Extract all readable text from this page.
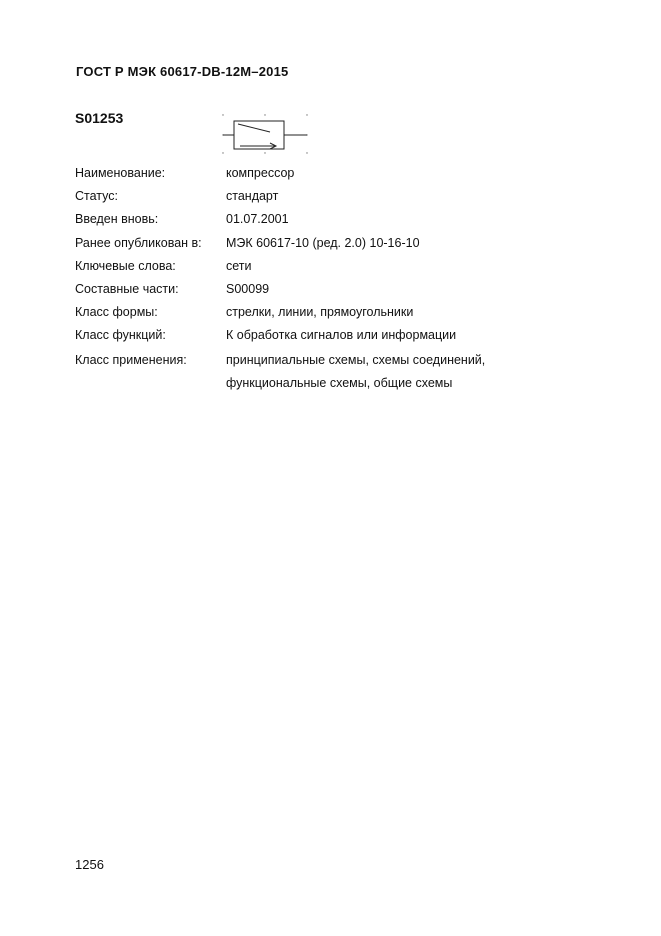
ГОСТ Р МЭК 60617-DB-12M–2015
S01253
Наименование:	компрессор
Статус:	стандарт
Введен вновь:	01.07.2001
Ранее опубликован в:	МЭК 60617-10 (ред. 2.0) 10-16-10
Ключевые слова:	сети
Составные части:	S00099
Класс формы:	стрелки, линии, прямоугольники
Класс функций:	К обработка сигналов или информации
Класс применения:	принципиальные схемы, схемы соединений,
функциональные схемы, общие схемы
1256
